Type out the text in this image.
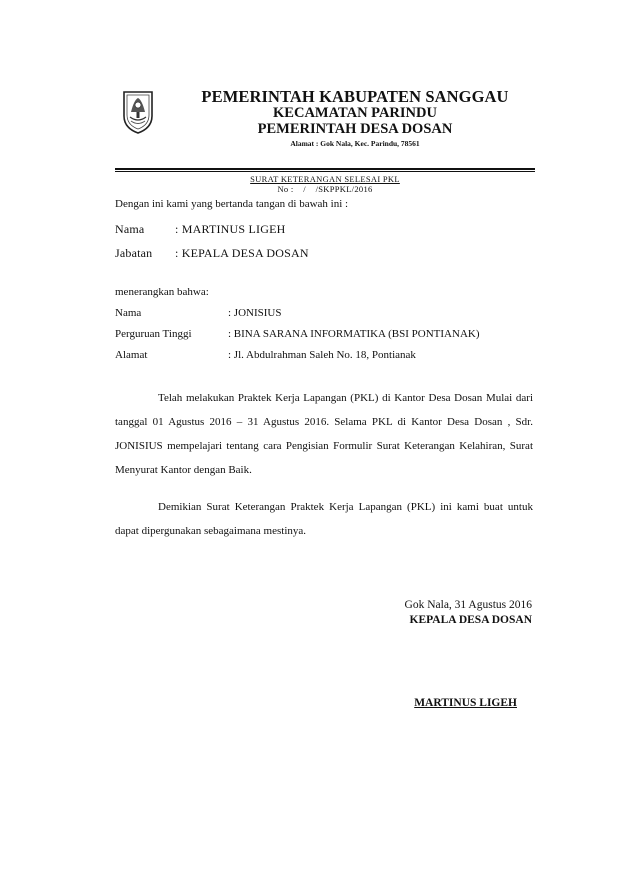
PEMERINTAH KABUPATEN SANGGAU
KECAMATAN PARINDU
PEMERINTAH DESA DOSAN
Alamat : Gok Nala, Kec. Parindu, 78561
SURAT KETERANGAN SELESAI PKL
No :    /    /SKPPKL/2016
Dengan ini kami yang bertanda tangan di bawah ini :
Nama	: MARTINUS LIGEH
Jabatan : KEPALA DESA DOSAN
menerangkan bahwa:
Nama	: JONISIUS
Perguruan Tinggi	: BINA SARANA INFORMATIKA (BSI PONTIANAK)
Alamat	: Jl. Abdulrahman Saleh No. 18, Pontianak
Telah melakukan Praktek Kerja Lapangan (PKL) di Kantor Desa Dosan Mulai dari tanggal 01 Agustus 2016 – 31 Agustus 2016. Selama PKL di Kantor Desa Dosan , Sdr. JONISIUS mempelajari tentang cara Pengisian Formulir Surat Keterangan Kelahiran, Surat Menyurat Kantor dengan Baik.
Demikian Surat Keterangan Praktek Kerja Lapangan (PKL) ini kami buat untuk dapat dipergunakan sebagaimana mestinya.
Gok Nala, 31 Agustus 2016
KEPALA DESA DOSAN
MARTINUS LIGEH
